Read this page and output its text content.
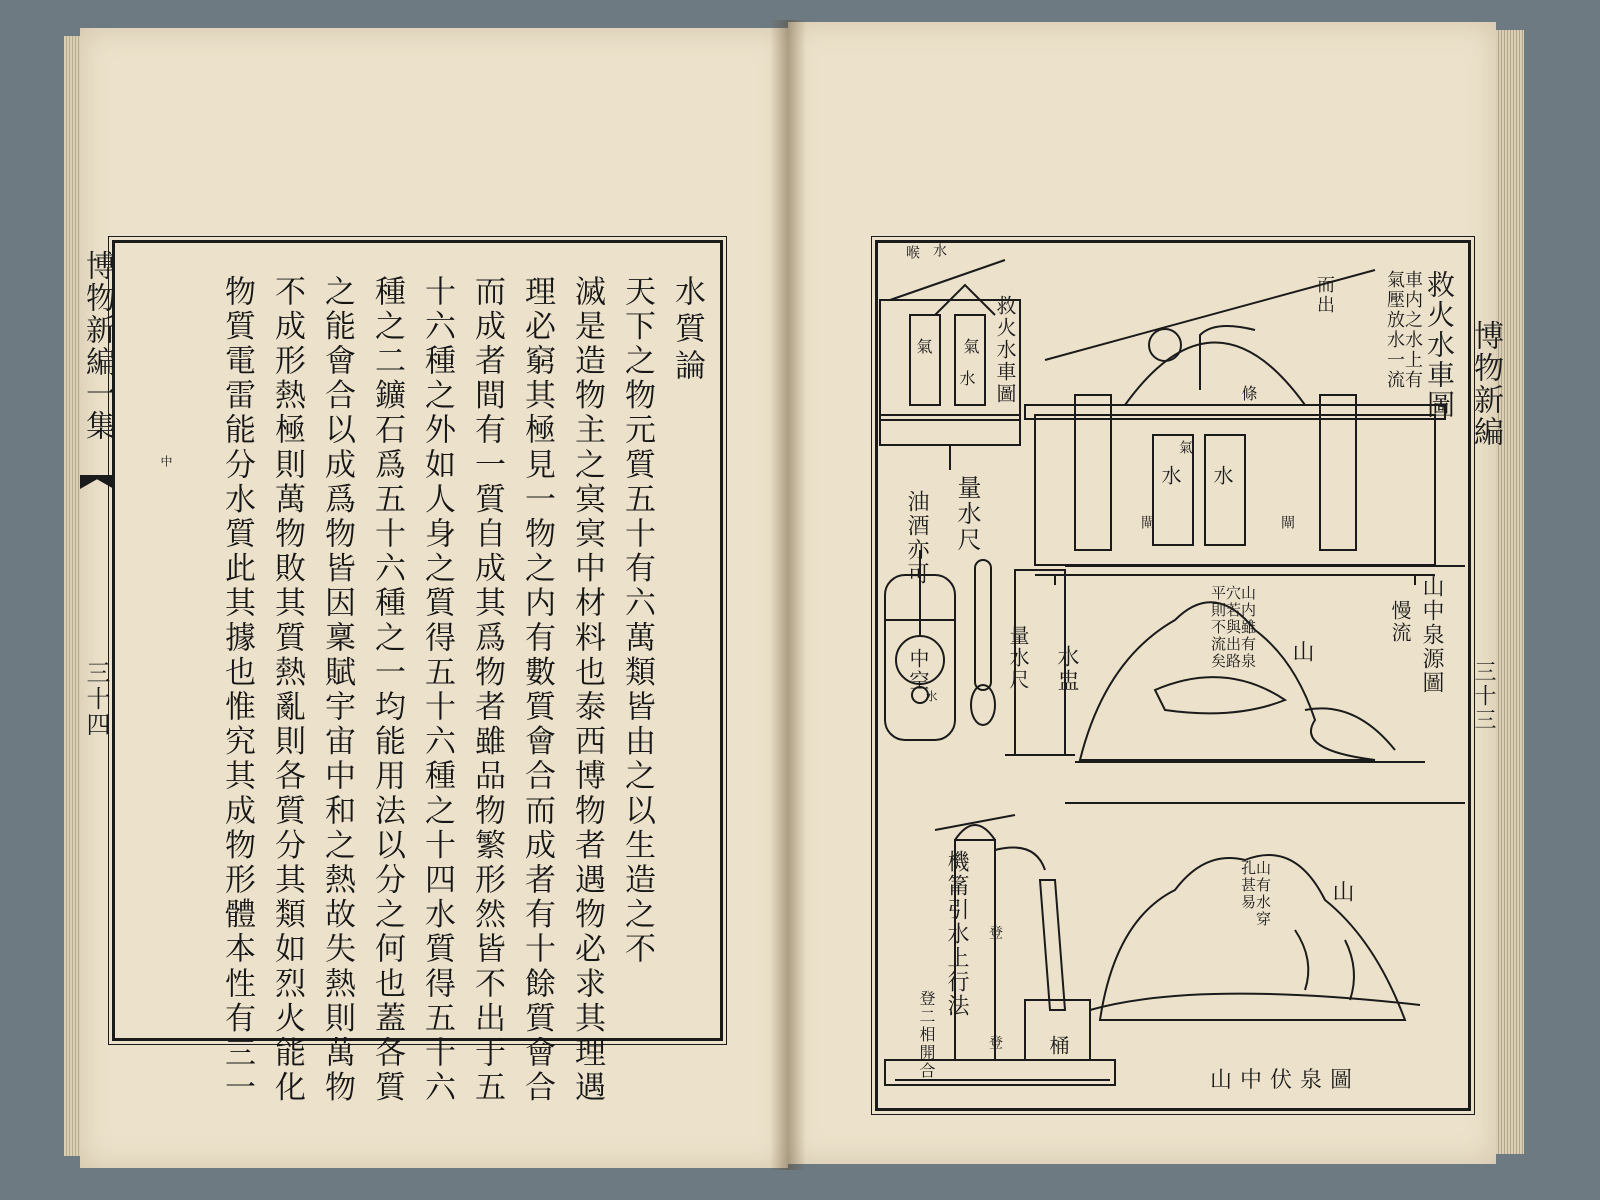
博物新編一集
中
三十四
水質論
天下之物元質五十有六萬類皆由之以生造之不
滅是造物主之㝠㝠中材料也泰西博物者遇物必求其理遇
理必窮其極見一物之内有數質會合而成者有十餘質會合
而成者間有一質自成其爲物者雖品物繁形然皆不出于五
十六種之外如人身之質得五十六種之十四水質得五十六
種之二鑛石爲五十六種之一均能用法以分之何也蓋各質
之能會合以成爲物皆因稟賦宇宙中和之熱故失熱則萬物
不成形熱極則萬物敗其質熱亂則各質分其類如烈火能化
物質電雷能分水質此其據也惟究其成物形體本性有三一	博物新編
三十三
救火水車圖
車内之水上有氣壓放水一流
而出
條
水 水
閘	閘
氣
救火水車圖
喉 水
氣 氣
水
量水尺
油酒亦可
中空
水
量水尺 水盅	山中泉源圖
慢流
山内雖有泉穴若與出路平則不流矣	山
機筩引水上行法
登二相開合
登
登 桶
山中伏泉圖
山有水穿孔甚易	山
